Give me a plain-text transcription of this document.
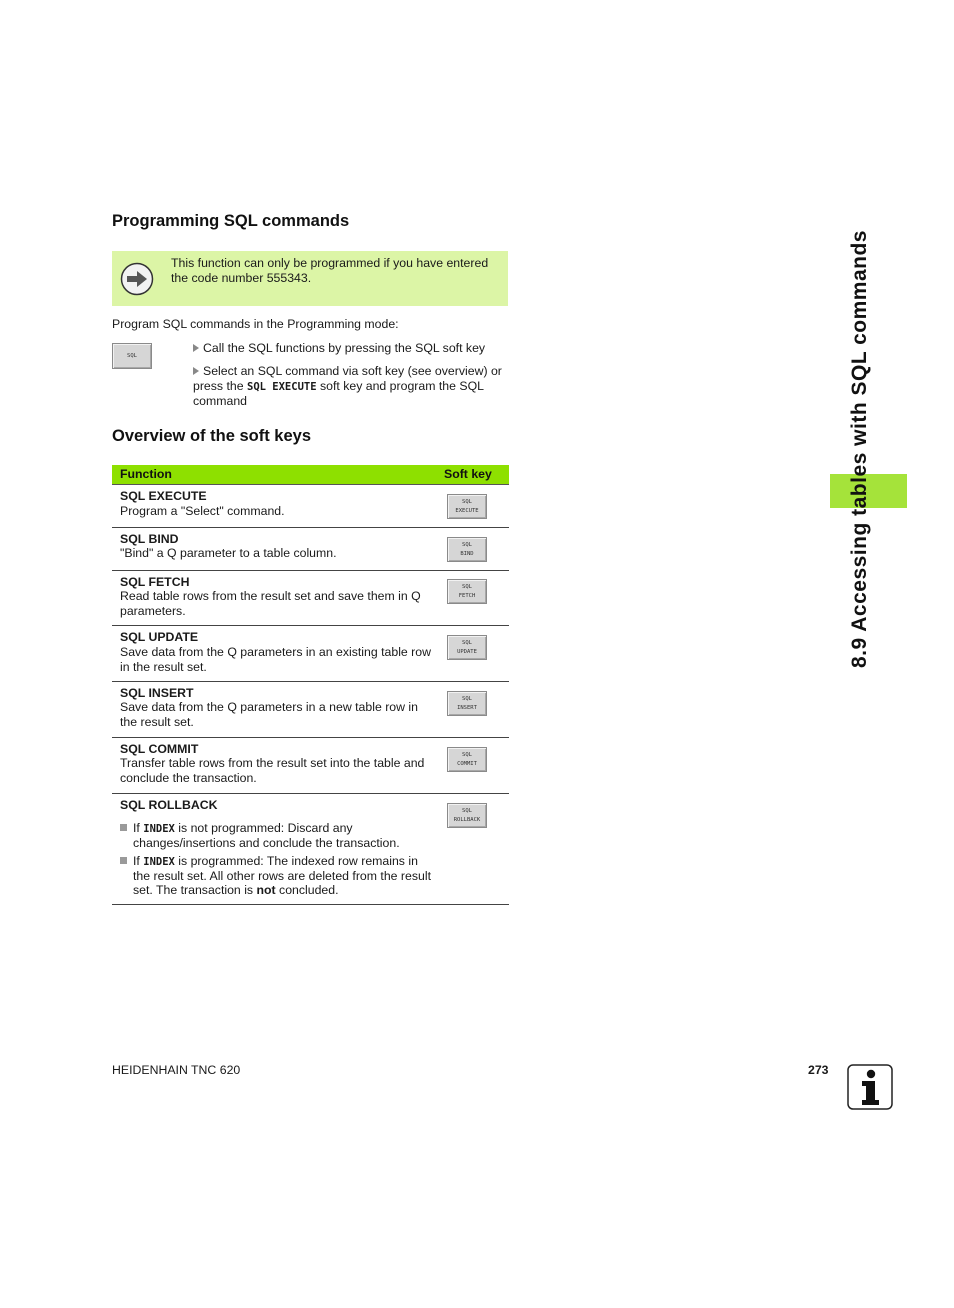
Programming SQL commands
This function can only be programmed if you have entered the code number 555343.
Program SQL commands in the Programming mode:
SQL
Call the SQL functions by pressing the SQL soft key
Select an SQL command via soft key (see overview) or press the SQL EXECUTE soft key and program the SQL command
Overview of the soft keys
Function	Soft key
SQL EXECUTE
Program a "Select" command.
SQL
EXECUTE
SQL BIND
"Bind" a Q parameter to a table column.
SQL
BIND
SQL FETCH
Read table rows from the result set and save them in Q parameters.
SQL
FETCH
SQL UPDATE
Save data from the Q parameters in an existing table row in the result set.
SQL
UPDATE
SQL INSERT
Save data from the Q parameters in a new table row in the result set.
SQL
INSERT
SQL COMMIT
Transfer table rows from the result set into the table and conclude the transaction.
SQL
COMMIT
SQL ROLLBACK
If INDEX is not programmed: Discard any changes/insertions and conclude the transaction.
If INDEX is programmed: The indexed row remains in the result set. All other rows are deleted from the result set. The transaction is not concluded.
SQL
ROLLBACK
8.9 Accessing tables with SQL commands
HEIDENHAIN TNC 620	273
